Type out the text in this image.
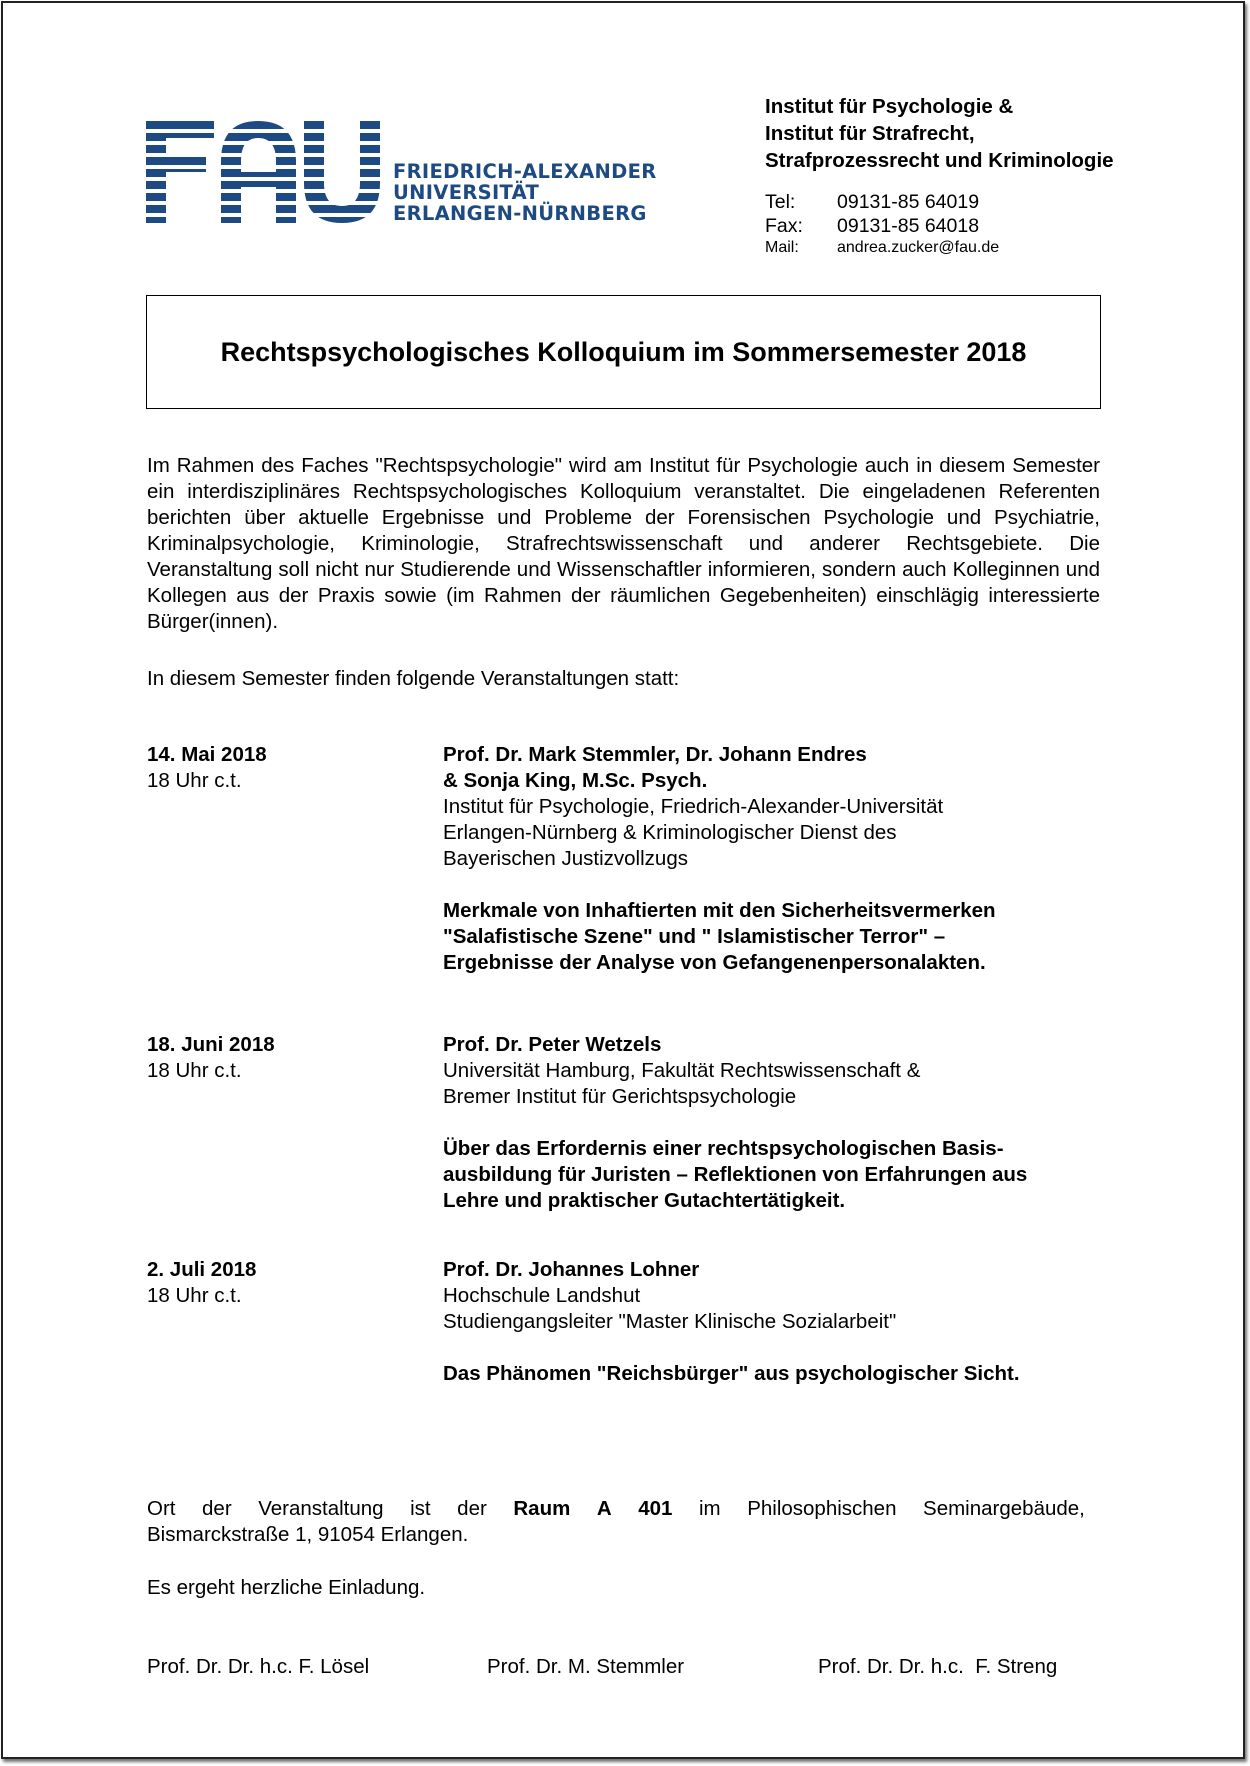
FRIEDRICH-ALEXANDER
UNIVERSITÄT
ERLANGEN-NÜRNBERG
Institut für Psychologie &
Institut für Strafrecht,
Strafprozessrecht und Kriminologie
Tel: 09131-85 64019
Fax: 09131-85 64018
Mail: andrea.zucker@fau.de
Rechtspsychologisches Kolloquium im Sommersemester 2018

Im Rahmen des Faches "Rechtspsychologie" wird am Institut für Psychologie auch in diesem Semester ein interdisziplinäres Rechtspsychologisches Kolloquium veranstaltet. Die eingeladenen Referenten berichten über aktuelle Ergebnisse und Probleme der Forensischen Psychologie und Psychiatrie, Kriminalpsychologie, Kriminologie, Strafrechtswissenschaft und anderer Rechtsgebiete. Die Veranstaltung soll nicht nur Studierende und Wissenschaftler informieren, sondern auch Kolleginnen und Kollegen aus der Praxis sowie (im Rahmen der räumlichen Gegebenheiten) einschlägig interessierte Bürger(innen).

In diesem Semester finden folgende Veranstaltungen statt:

14. Mai 2018
18 Uhr c.t.
Prof. Dr. Mark Stemmler, Dr. Johann Endres
& Sonja King, M.Sc. Psych.
Institut für Psychologie, Friedrich-Alexander-Universität
Erlangen-Nürnberg & Kriminologischer Dienst des
Bayerischen Justizvollzugs
Merkmale von Inhaftierten mit den Sicherheitsvermerken
"Salafistische Szene" und " Islamistischer Terror" –
Ergebnisse der Analyse von Gefangenenpersonalakten.
18. Juni 2018
18 Uhr c.t.
Prof. Dr. Peter Wetzels
Universität Hamburg, Fakultät Rechtswissenschaft &
Bremer Institut für Gerichtspsychologie
Über das Erfordernis einer rechtspsychologischen Basis-
ausbildung für Juristen – Reflektionen von Erfahrungen aus
Lehre und praktischer Gutachtertätigkeit.
2. Juli 2018
18 Uhr c.t.
Prof. Dr. Johannes Lohner
Hochschule Landshut
Studiengangsleiter "Master Klinische Sozialarbeit"
Das Phänomen "Reichsbürger" aus psychologischer Sicht.
Ort der Veranstaltung ist der Raum A 401 im Philosophischen Seminargebäude,
Bismarckstraße 1, 91054 Erlangen.

Es ergeht herzliche Einladung.

Prof. Dr. Dr. h.c. F. Lösel	Prof. Dr. M. Stemmler	Prof. Dr. Dr. h.c.  F. Streng
